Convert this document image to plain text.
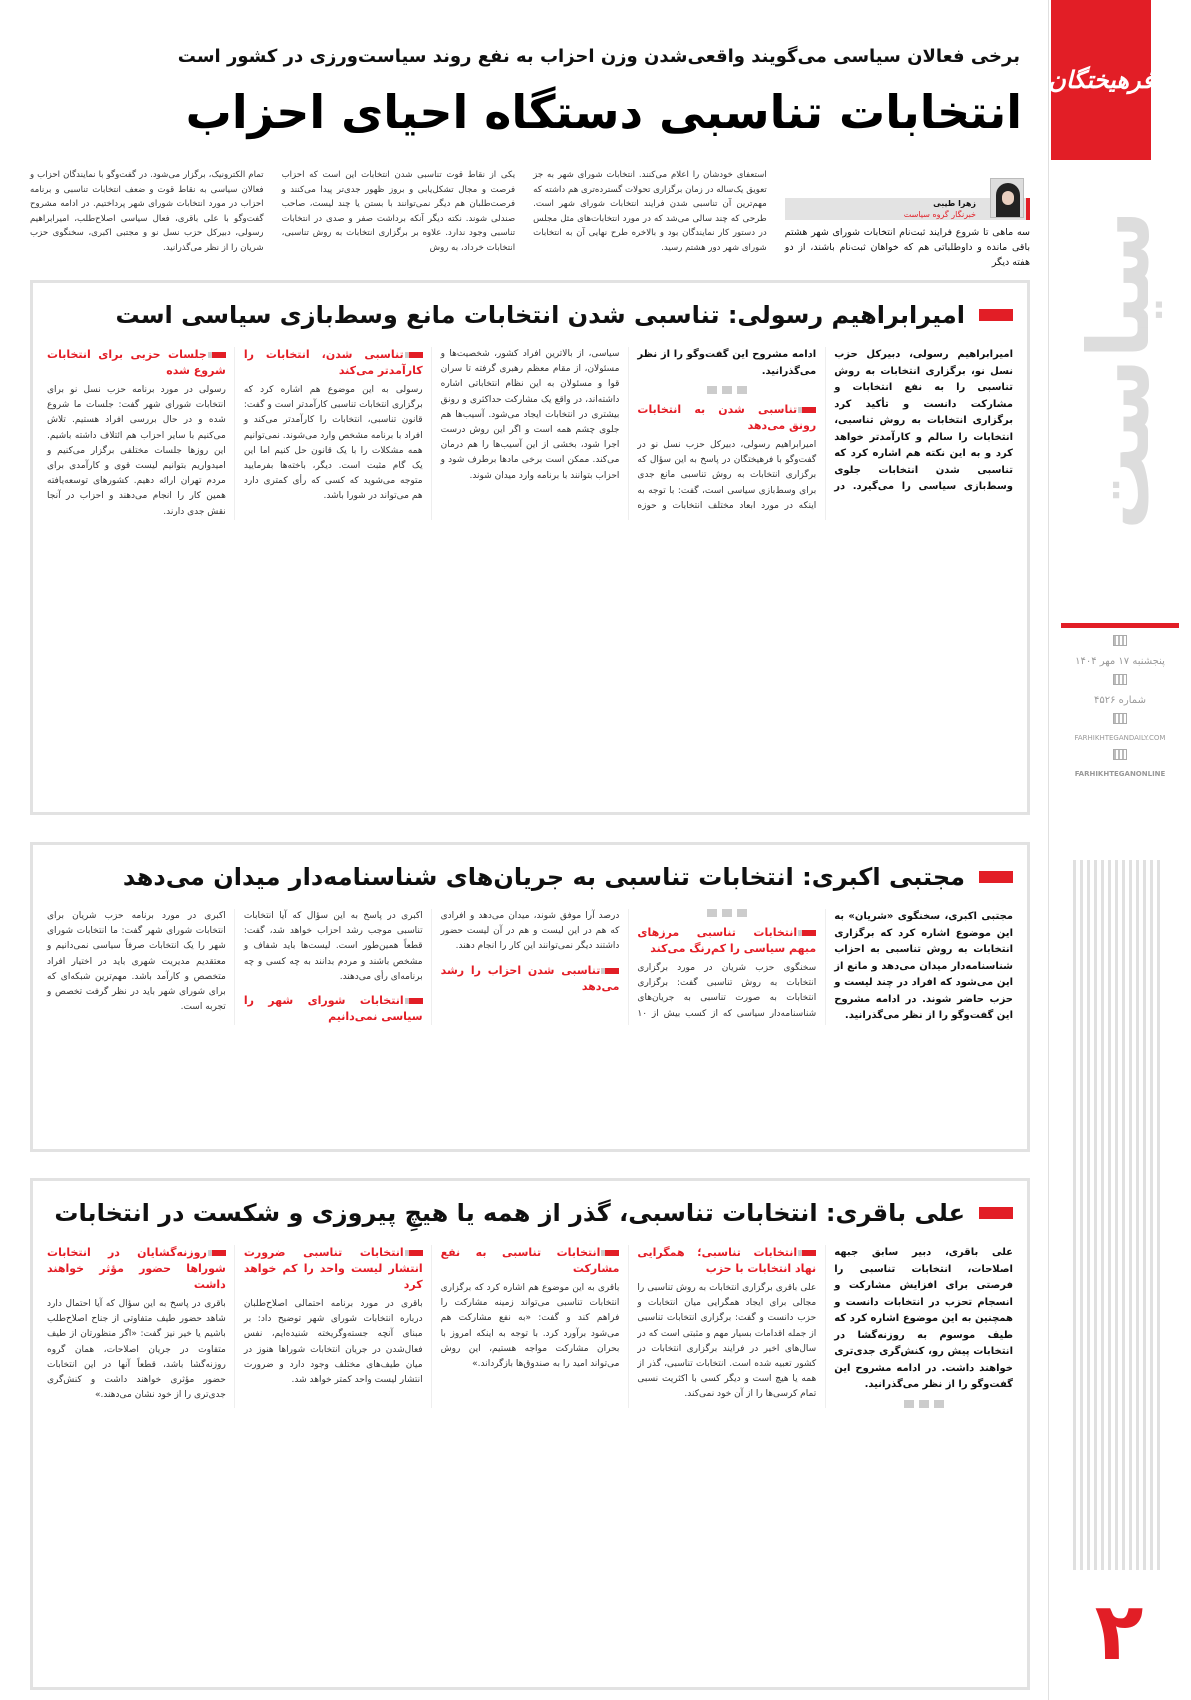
برخی فعالان سیاسی می‌گویند واقعی‌شدن وزن احزاب به نفع روند سیاست‌ورزی در کشور است
انتخابات تناسبی دستگاه احیای احزاب
زهرا طیبی
خبرنگار گروه سیاست
سه ماهی تا شروع فرایند ثبت‌نام انتخابات شورای شهر هشتم باقی مانده و داوطلباتی هم که خواهان ثبت‌نام باشند، از دو هفته دیگر
استعفای خودشان را اعلام می‌کنند. انتخابات شورای شهر به جز تعویق یک‌ساله در زمان برگزاری تحولات گسترده‌تری هم داشته که مهم‌ترین آن تناسبی شدن فرایند انتخابات شورای شهر است. طرحی که چند سالی می‌شد که در مورد انتخابات‌های مثل مجلس در دستور کار نمایندگان بود و بالاخره طرح نهایی آن به انتخابات شورای شهر دور هشتم رسید.
یکی از نقاط قوت تناسبی شدن انتخابات این است که احزاب فرصت و مجال تشکل‌یابی و بروز ظهور جدی‌تر پیدا می‌کنند و فرصت‌طلبان هم دیگر نمی‌توانند با بستن یا چند لیست، صاحب صندلی شوند. نکته دیگر آنکه برداشت صفر و صدی در انتخابات تناسبی وجود ندارد. علاوه بر برگزاری انتخابات به روش تناسبی، انتخابات خرداد، به روش
تمام الکترونیک، برگزار می‌شود. در گفت‌وگو با نمایندگان احزاب و فعالان سیاسی به نقاط قوت و ضعف انتخابات تناسبی و برنامه احزاب در مورد انتخابات شورای شهر پرداختیم. در ادامه مشروح گفت‌وگو با علی باقری، فعال سیاسی اصلاح‌طلب، امیرابراهیم رسولی، دبیرکل حزب نسل نو و مجتبی اکبری، سخنگوی حزب شریان را از نظر می‌گذرانید.
امیرابراهیم رسولی: تناسبی شدن انتخابات مانع وسط‌بازی سیاسی است
امیرابراهیم رسولی، دبیرکل حزب نسل نو، برگزاری انتخابات به روش تناسبی را به نفع انتخابات و مشارکت دانست و تأکید کرد برگزاری انتخابات به روش تناسبی، انتخابات را سالم و کارآمدتر خواهد کرد و به این نکته هم اشاره کرد که تناسبی شدن انتخابات جلوی وسط‌بازی سیاسی را می‌گیرد. در ادامه مشروح این گفت‌وگو را از نظر می‌گذرانید.
تناسبی شدن به انتخابات رونق می‌دهد

امیرابراهیم رسولی، دبیرکل حزب نسل نو در گفت‌وگو با فرهیختگان در پاسخ به این سؤال که برگزاری انتخابات به روش تناسبی مانع جدی برای وسط‌بازی سیاسی است، گفت: با توجه به اینکه در مورد ابعاد مختلف انتخابات و حوزه سیاسی، از بالاترین افراد کشور، شخصیت‌ها و مسئولان، از مقام معظم رهبری گرفته تا سران قوا و مسئولان به این نظام انتخاباتی اشاره داشته‌اند، در واقع یک مشارکت حداکثری و رونق بیشتری در انتخابات ایجاد می‌شود. آسیب‌ها هم جلوی چشم همه است و اگر این روش درست اجرا شود، بخشی از این آسیب‌ها را هم درمان می‌کند. ممکن است برخی مادها برطرف شود و احزاب بتوانند با برنامه وارد میدان شوند.

تناسبی شدن، انتخابات را کارآمدتر می‌کند

رسولی به این موضوع هم اشاره کرد که برگزاری انتخابات تناسبی کارآمدتر است و گفت: قانون تناسبی، انتخابات را کارآمدتر می‌کند و افراد با برنامه مشخص وارد می‌شوند. نمی‌توانیم همه مشکلات را با یک قانون حل کنیم اما این یک گام مثبت است. دیگر، باخته‌ها بفرمایید متوجه می‌شوید که کسی که رأی کمتری دارد هم می‌تواند در شورا باشد.

جلسات حزبی برای انتخابات شروع شده

رسولی در مورد برنامه حزب نسل نو برای انتخابات شورای شهر گفت: جلسات ما شروع شده و در حال بررسی افراد هستیم. تلاش می‌کنیم با سایر احزاب هم ائتلاف داشته باشیم. این روزها جلسات مختلفی برگزار می‌کنیم و امیدواریم بتوانیم لیست قوی و کارآمدی برای مردم تهران ارائه دهیم. کشورهای توسعه‌یافته همین کار را انجام می‌دهند و احزاب در آنجا نقش جدی دارند.

مجتبی اکبری: انتخابات تناسبی به جریان‌های شناسنامه‌دار میدان می‌دهد
مجتبی اکبری، سخنگوی «شریان» به این موضوع اشاره کرد که برگزاری انتخابات به روش تناسبی به احزاب شناسنامه‌دار میدان می‌دهد و مانع از این می‌شود که افراد در چند لیست و حزب حاضر شوند. در ادامه مشروح این گفت‌وگو را از نظر می‌گذرانید.
انتخابات تناسبی مرزهای مبهم سیاسی را کم‌رنگ می‌کند

سخنگوی حزب شریان در مورد برگزاری انتخابات به روش تناسبی گفت: برگزاری انتخابات به صورت تناسبی به جریان‌های شناسنامه‌دار سیاسی که از کسب بیش از ۱۰ درصد آرا موفق شوند، میدان می‌دهد و افرادی که هم در این لیست و هم در آن لیست حضور داشتند دیگر نمی‌توانند این کار را انجام دهند.

تناسبی شدن احزاب را رشد می‌دهد

اکبری در پاسخ به این سؤال که آیا انتخابات تناسبی موجب رشد احزاب خواهد شد، گفت: قطعاً همین‌طور است. لیست‌ها باید شفاف و مشخص باشند و مردم بدانند به چه کسی و چه برنامه‌ای رأی می‌دهند.

انتخابات شورای شهر را سیاسی نمی‌دانیم

اکبری در مورد برنامه حزب شریان برای انتخابات شورای شهر گفت: ما انتخابات شورای شهر را یک انتخابات صرفاً سیاسی نمی‌دانیم و معتقدیم مدیریت شهری باید در اختیار افراد متخصص و کارآمد باشد. مهم‌ترین شبکه‌ای که برای شورای شهر باید در نظر گرفت تخصص و تجربه است.

علی باقری: انتخابات تناسبی، گذر از همه یا هیچِ پیروزی و شکست در انتخابات
علی باقری، دبیر سابق جبهه اصلاحات، انتخابات تناسبی را فرصتی برای افزایش مشارکت و انسجام تحزب در انتخابات دانست و همچنین به این موضوع اشاره کرد که طیف موسوم به روزنه‌گشا در انتخابات پیش رو، کنش‌گری جدی‌تری خواهند داشت. در ادامه مشروح این گفت‌وگو را از نظر می‌گذرانید.
انتخابات تناسبی؛ همگرایی نهاد انتخابات با حزب

علی باقری برگزاری انتخابات به روش تناسبی را مجالی برای ایجاد همگرایی میان انتخابات و حزب دانست و گفت: برگزاری انتخابات تناسبی از جمله اقدامات بسیار مهم و مثبتی است که در سال‌های اخیر در فرایند برگزاری انتخابات در کشور تعبیه شده است. انتخابات تناسبی، گذر از همه یا هیچ است و دیگر کسی با اکثریت نسبی تمام کرسی‌ها را از آن خود نمی‌کند.

انتخابات تناسبی به نفع مشارکت

باقری به این موضوع هم اشاره کرد که برگزاری انتخابات تناسبی می‌تواند زمینه مشارکت را فراهم کند و گفت: «به نفع مشارکت هم می‌شود برآورد کرد. با توجه به اینکه امروز با بحران مشارکت مواجه هستیم، این روش می‌تواند امید را به صندوق‌ها بازگرداند.»

انتخابات تناسبی ضرورت انتشار لیست واحد را کم خواهد کرد

باقری در مورد برنامه احتمالی اصلاح‌طلبان درباره انتخابات شورای شهر توضیح داد: بر مبنای آنچه جسته‌وگریخته شنیده‌ایم، نفس فعال‌شدن در جریان انتخابات شوراها هنوز در میان طیف‌های مختلف وجود دارد و ضرورت انتشار لیست واحد کمتر خواهد شد.

روزنه‌گشایان در انتخابات شوراها حضور مؤثر خواهند داشت

باقری در پاسخ به این سؤال که آیا احتمال دارد شاهد حضور طیف متفاوتی از جناح اصلاح‌طلب باشیم یا خیر نیز گفت: «اگر منظورتان از طیف متفاوت در جریان اصلاحات، همان گروه روزنه‌گشا باشد، قطعاً آنها در این انتخابات حضور مؤثری خواهند داشت و کنش‌گری جدی‌تری را از خود نشان می‌دهند.»

فرهیختگان
سیاست
پنجشنبه ۱۷ مهر ۱۴۰۴
شماره ۴۵۲۶
FARHIKHTEGANDAILY.COM
FARHIKHTEGANONLINE
۲
